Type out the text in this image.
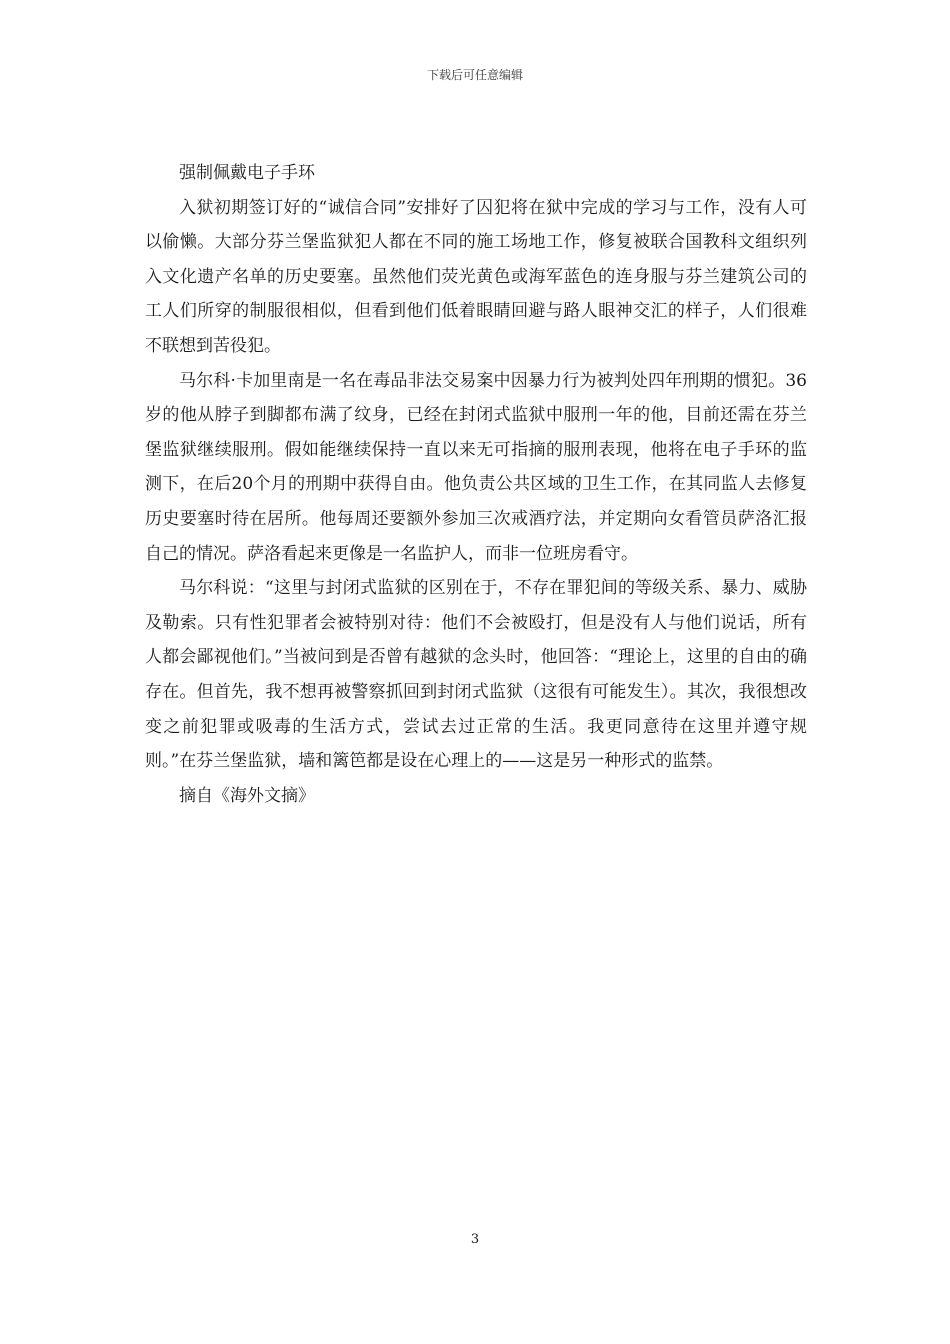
下载后可任意编辑

强制佩戴电子手环

入狱初期签订好的“诚信合同”安排好了囚犯将在狱中完成的学习与工作，没有人可以偷懒。大部分芬兰堡监狱犯人都在不同的施工场地工作，修复被联合国教科文组织列入文化遗产名单的历史要塞。虽然他们荧光黄色或海军蓝色的连身服与芬兰建筑公司的工人们所穿的制服很相似，但看到他们低着眼睛回避与路人眼神交汇的样子，人们很难不联想到苦役犯。

马尔科·卡加里南是一名在毒品非法交易案中因暴力行为被判处四年刑期的惯犯。36岁的他从脖子到脚都布满了纹身，已经在封闭式监狱中服刑一年的他，目前还需在芬兰堡监狱继续服刑。假如能继续保持一直以来无可指摘的服刑表现，他将在电子手环的监测下，在后20个月的刑期中获得自由。他负责公共区域的卫生工作，在其同监人去修复历史要塞时待在居所。他每周还要额外参加三次戒酒疗法，并定期向女看管员萨洛汇报自己的情况。萨洛看起来更像是一名监护人，而非一位班房看守。

马尔科说：“这里与封闭式监狱的区别在于，不存在罪犯间的等级关系、暴力、威胁及勒索。只有性犯罪者会被特别对待：他们不会被殴打，但是没有人与他们说话，所有人都会鄙视他们。”当被问到是否曾有越狱的念头时，他回答：“理论上，这里的自由的确存在。但首先，我不想再被警察抓回到封闭式监狱（这很有可能发生）。其次，我很想改变之前犯罪或吸毒的生活方式，尝试去过正常的生活。我更同意待在这里并遵守规则。”在芬兰堡监狱，墙和篱笆都是设在心理上的——这是另一种形式的监禁。

摘自《海外文摘》

3
